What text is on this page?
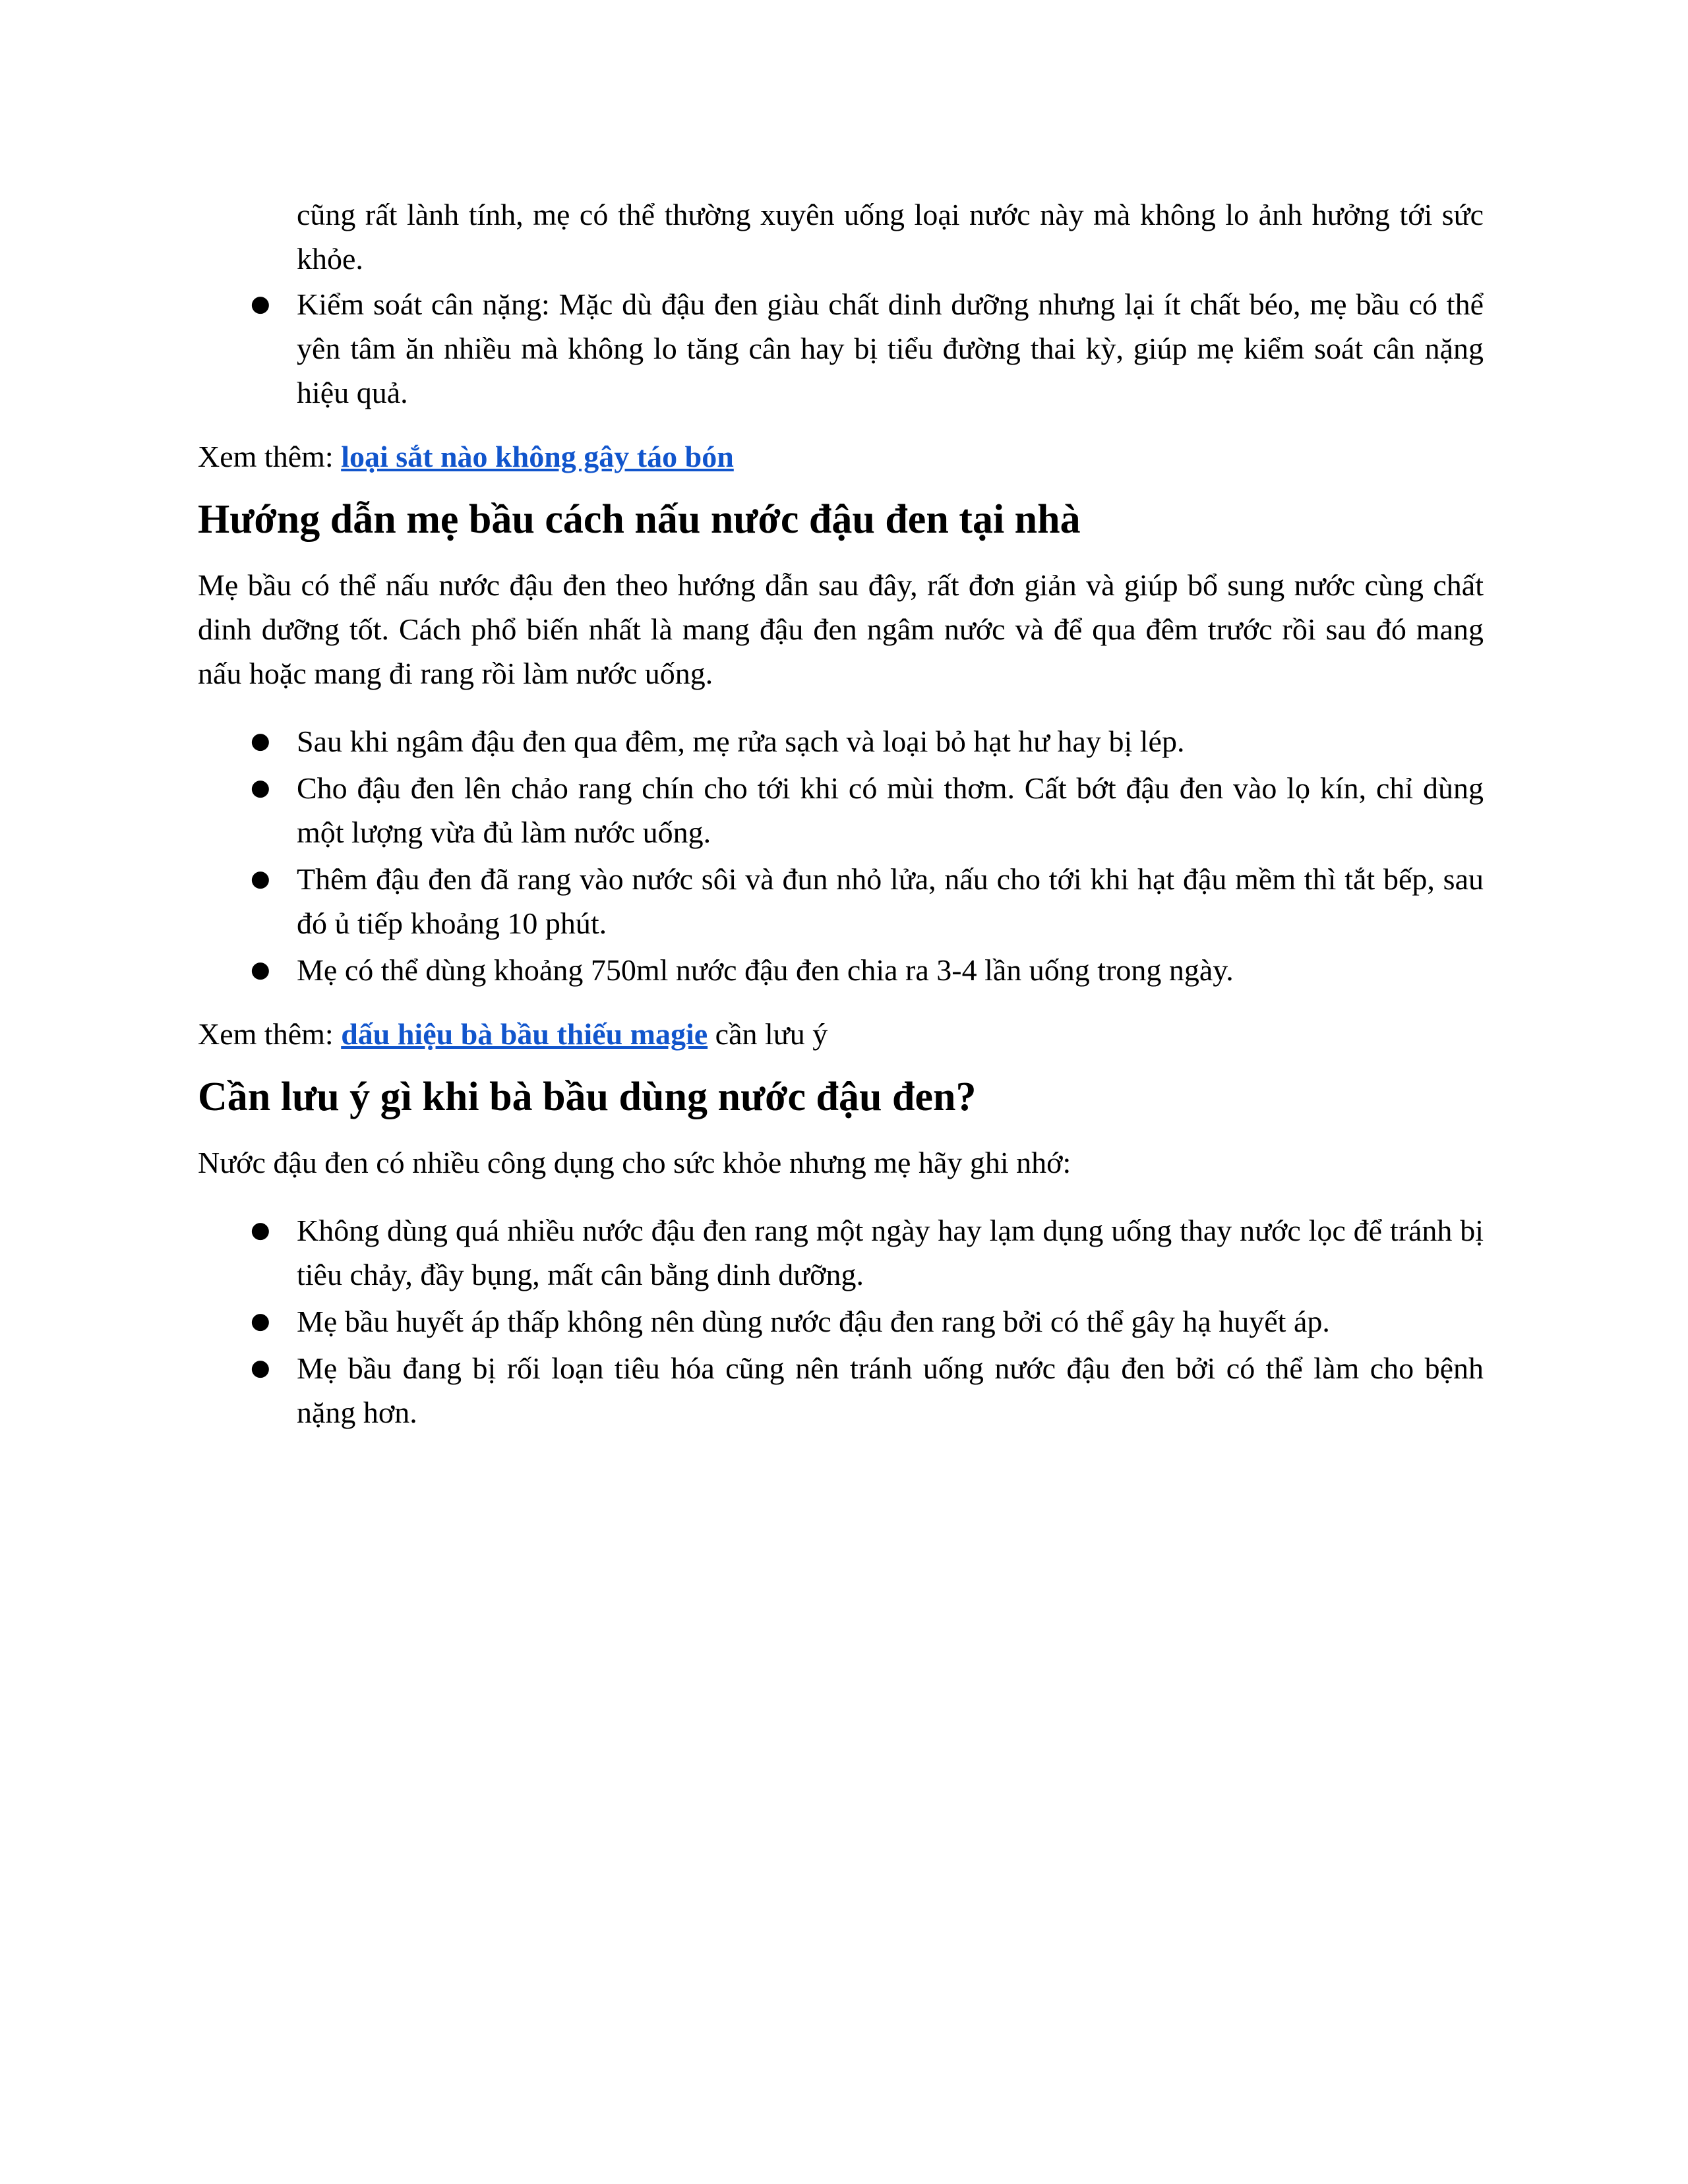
cũng rất lành tính, mẹ có thể thường xuyên uống loại nước này mà không lo ảnh hưởng tới sức khỏe.

● Kiểm soát cân nặng: Mặc dù đậu đen giàu chất dinh dưỡng nhưng lại ít chất béo, mẹ bầu có thể yên tâm ăn nhiều mà không lo tăng cân hay bị tiểu đường thai kỳ, giúp mẹ kiểm soát cân nặng hiệu quả.

Xem thêm: loại sắt nào không gây táo bón

Hướng dẫn mẹ bầu cách nấu nước đậu đen tại nhà

Mẹ bầu có thể nấu nước đậu đen theo hướng dẫn sau đây, rất đơn giản và giúp bổ sung nước cùng chất dinh dưỡng tốt. Cách phổ biến nhất là mang đậu đen ngâm nước và để qua đêm trước rồi sau đó mang nấu hoặc mang đi rang rồi làm nước uống.

● Sau khi ngâm đậu đen qua đêm, mẹ rửa sạch và loại bỏ hạt hư hay bị lép.
● Cho đậu đen lên chảo rang chín cho tới khi có mùi thơm. Cất bớt đậu đen vào lọ kín, chỉ dùng một lượng vừa đủ làm nước uống.
● Thêm đậu đen đã rang vào nước sôi và đun nhỏ lửa, nấu cho tới khi hạt đậu mềm thì tắt bếp, sau đó ủ tiếp khoảng 10 phút.
● Mẹ có thể dùng khoảng 750ml nước đậu đen chia ra 3-4 lần uống trong ngày.

Xem thêm: dấu hiệu bà bầu thiếu magie cần lưu ý

Cần lưu ý gì khi bà bầu dùng nước đậu đen?

Nước đậu đen có nhiều công dụng cho sức khỏe nhưng mẹ hãy ghi nhớ:

● Không dùng quá nhiều nước đậu đen rang một ngày hay lạm dụng uống thay nước lọc để tránh bị tiêu chảy, đầy bụng, mất cân bằng dinh dưỡng.
● Mẹ bầu huyết áp thấp không nên dùng nước đậu đen rang bởi có thể gây hạ huyết áp.
● Mẹ bầu đang bị rối loạn tiêu hóa cũng nên tránh uống nước đậu đen bởi có thể làm cho bệnh nặng hơn.
